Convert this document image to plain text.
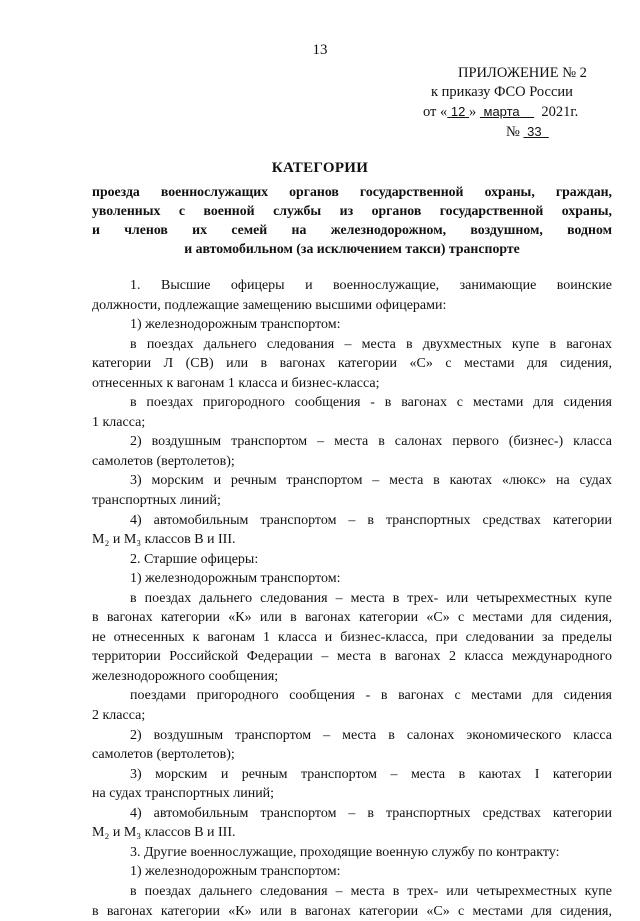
13
ПРИЛОЖЕНИЕ № 2
к приказу ФСО России
от « 12 » марта 2021г.
№ 33
КАТЕГОРИИ
проезда военнослужащих органов государственной охраны, граждан,
уволенных с военной службы из органов государственной охраны,
и членов их семей на железнодорожном, воздушном, водном
и автомобильном (за исключением такси) транспорте
1. Высшие офицеры и военнослужащие, занимающие воинские
должности, подлежащие замещению высшими офицерами:
1) железнодорожным транспортом:
в поездах дальнего следования – места в двухместных купе в вагонах
категории Л (СВ) или в вагонах категории «С» с местами для сидения,
отнесенных к вагонам 1 класса и бизнес-класса;
в поездах пригородного сообщения - в вагонах с местами для сидения
1 класса;
2) воздушным транспортом – места в салонах первого (бизнес-) класса
самолетов (вертолетов);
3) морским и речным транспортом – места в каютах «люкс» на судах
транспортных линий;
4) автомобильным транспортом – в транспортных средствах категории
M₂ и M₃ классов B и III.
2. Старшие офицеры:
1) железнодорожным транспортом:
в поездах дальнего следования – места в трех- или четырехместных купе
в вагонах категории «К» или в вагонах категории «С» с местами для сидения,
не отнесенных к вагонам 1 класса и бизнес-класса, при следовании за пределы
территории Российской Федерации – места в вагонах 2 класса международного
железнодорожного сообщения;
поездами пригородного сообщения - в вагонах с местами для сидения
2 класса;
2) воздушным транспортом – места в салонах экономического класса
самолетов (вертолетов);
3) морским и речным транспортом – места в каютах I категории
на судах транспортных линий;
4) автомобильным транспортом – в транспортных средствах категории
M₂ и M₃ классов B и III.
3. Другие военнослужащие, проходящие военную службу по контракту:
1) железнодорожным транспортом:
в поездах дальнего следования – места в трех- или четырехместных купе
в вагонах категории «К» или в вагонах категории «С» с местами для сидения,
